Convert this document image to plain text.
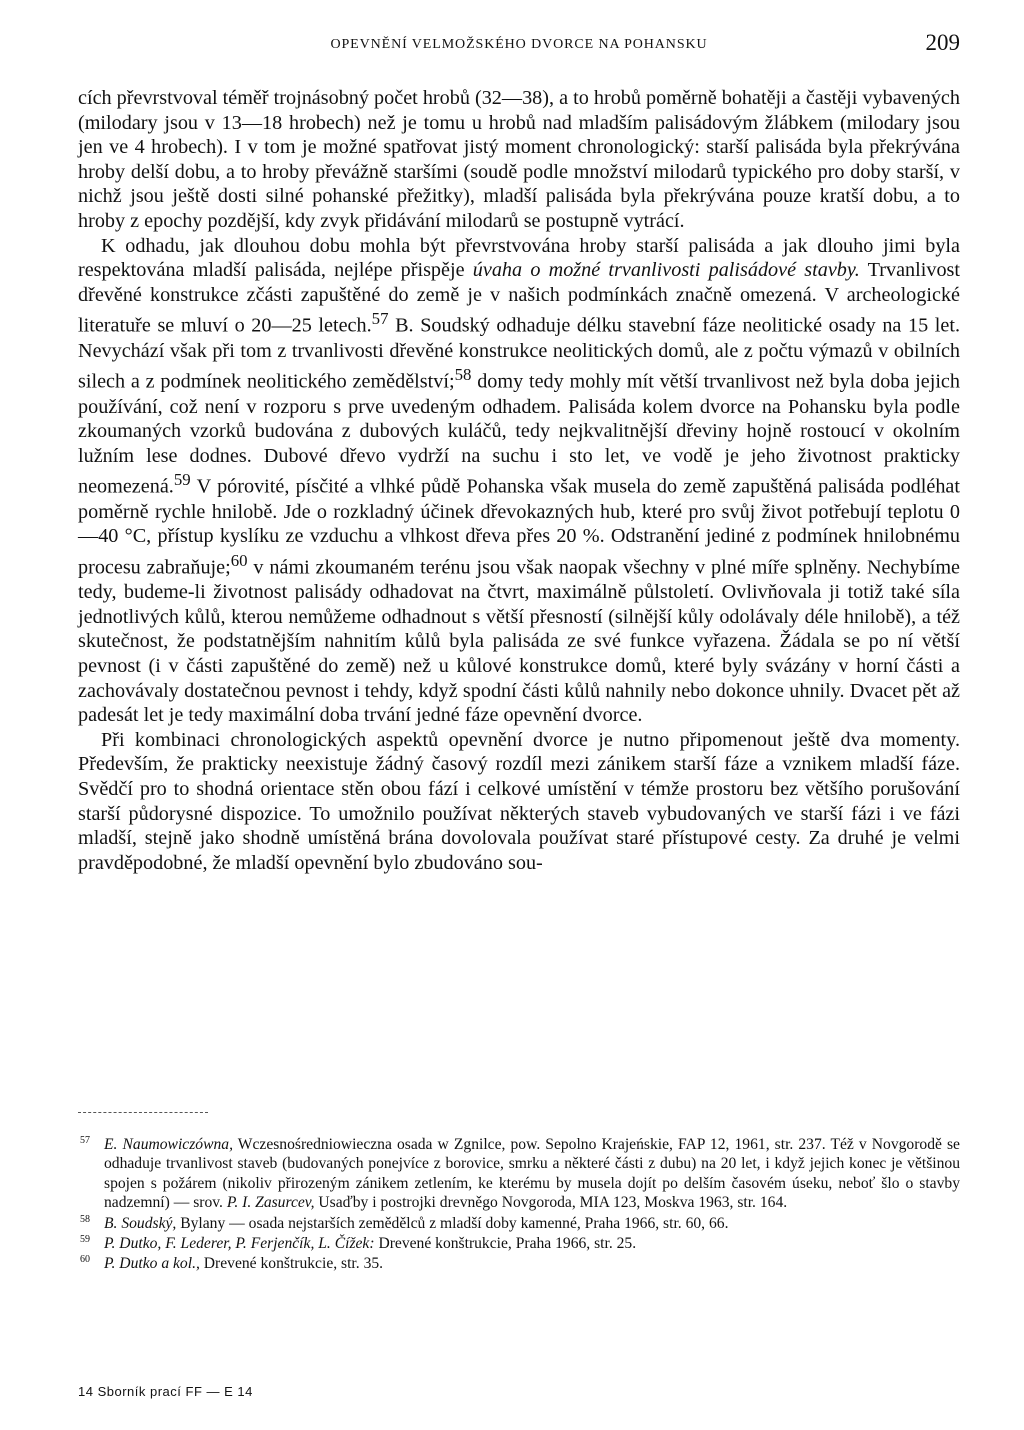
OPEVNĚNÍ VELMOŽSKÉHO DVORCE NA POHANSKU	209

cích převrstvoval téměř trojnásobný počet hrobů (32—38), a to hrobů poměrně bohatěji a častěji vybavených (milodary jsou v 13—18 hrobech) než je tomu u hrobů nad mladším palisádovým žlábkem (milodary jsou jen ve 4 hrobech). I v tom je možné spatřovat jistý moment chronologický: starší palisáda byla překrývána hroby delší dobu, a to hroby převážně staršími (soudě podle množství milodarů typického pro doby starší, v nichž jsou ještě dosti silné pohanské přežitky), mladší palisáda byla překrývána pouze kratší dobu, a to hroby z epochy pozdější, kdy zvyk přidávání milodarů se postupně vytrácí.

K odhadu, jak dlouhou dobu mohla být převrstvována hroby starší palisáda a jak dlouho jimi byla respektována mladší palisáda, nejlépe přispěje úvaha o možné trvanlivosti palisádové stavby. Trvanlivost dřevěné konstrukce zčásti zapuštěné do země je v našich podmínkách značně omezená. V archeologické literatuře se mluví o 20—25 letech.$^{57}$ B. Soudský odhaduje délku stavební fáze neolitické osady na 15 let. Nevychází však při tom z trvanlivosti dřevěné konstrukce neolitických domů, ale z počtu výmazů v obilních silech a z podmínek neolitického zemědělství;$^{58}$ domy tedy mohly mít větší trvanlivost než byla doba jejich používání, což není v rozporu s prve uvedeným odhadem. Palisáda kolem dvorce na Pohansku byla podle zkoumaných vzorků budována z dubových kuláčů, tedy nejkvalitnější dřeviny hojně rostoucí v okolním lužním lese dodnes. Dubové dřevo vydrží na suchu i sto let, ve vodě je jeho životnost prakticky neomezená.$^{59}$ V pórovité, písčité a vlhké půdě Pohanska však musela do země zapuštěná palisáda podléhat poměrně rychle hnilobě. Jde o rozkladný účinek dřevokazných hub, které pro svůj život potřebují teplotu 0—40 °C, přístup kyslíku ze vzduchu a vlhkost dřeva přes 20 %. Odstranění jediné z podmínek hnilobnému procesu zabraňuje;$^{60}$ v námi zkoumaném terénu jsou však naopak všechny v plné míře splněny. Nechybíme tedy, budeme-li životnost palisády odhadovat na čtvrt, maximálně půlstoletí. Ovlivňovala ji totiž také síla jednotlivých kůlů, kterou nemůžeme odhadnout s větší přesností (silnější kůly odolávaly déle hnilobě), a též skutečnost, že podstatnějším nahnitím kůlů byla palisáda ze své funkce vyřazena. Žádala se po ní větší pevnost (i v části zapuštěné do země) než u kůlové konstrukce domů, které byly svázány v horní části a zachovávaly dostatečnou pevnost i tehdy, když spodní části kůlů nahnily nebo dokonce uhnily. Dvacet pět až padesát let je tedy maximální doba trvání jedné fáze opevnění dvorce.

Při kombinaci chronologických aspektů opevnění dvorce je nutno připomenout ještě dva momenty. Především, že prakticky neexistuje žádný časový rozdíl mezi zánikem starší fáze a vznikem mladší fáze. Svědčí pro to shodná orientace stěn obou fází i celkové umístění v témže prostoru bez většího porušování starší půdorysné dispozice. To umožnilo používat některých staveb vybudovaných ve starší fázi i ve fázi mladší, stejně jako shodně umístěná brána dovolovala používat staré přístupové cesty. Za druhé je velmi pravděpodobné, že mladší opevnění bylo zbudováno sou-

57 E. Naumowiczówna, Wczesnośredniowieczna osada w Zgnilce, pow. Sepolno Krajeńskie, FAP 12, 1961, str. 237. Též v Novgorodě se odhaduje trvanlivost staveb (budovaných ponejvíce z borovice, smrku a některé části z dubu) na 20 let, i když jejich konec je většinou spojen s požárem (nikoliv přirozeným zánikem zetlením, ke kterému by musela dojít po delším časovém úseku, neboť šlo o stavby nadzemní) — srov. P. I. Zasurcev, Usaďby i postrojki drevněgo Novgoroda, MIA 123, Moskva 1963, str. 164.
58 B. Soudský, Bylany — osada nejstarších zemědělců z mladší doby kamenné, Praha 1966, str. 60, 66.
59 P. Dutko, F. Lederer, P. Ferjenčík, L. Čížek: Drevené konštrukcie, Praha 1966, str. 25.
60 P. Dutko a kol., Drevené konštrukcie, str. 35.
14 Sborník prací FF — E 14
